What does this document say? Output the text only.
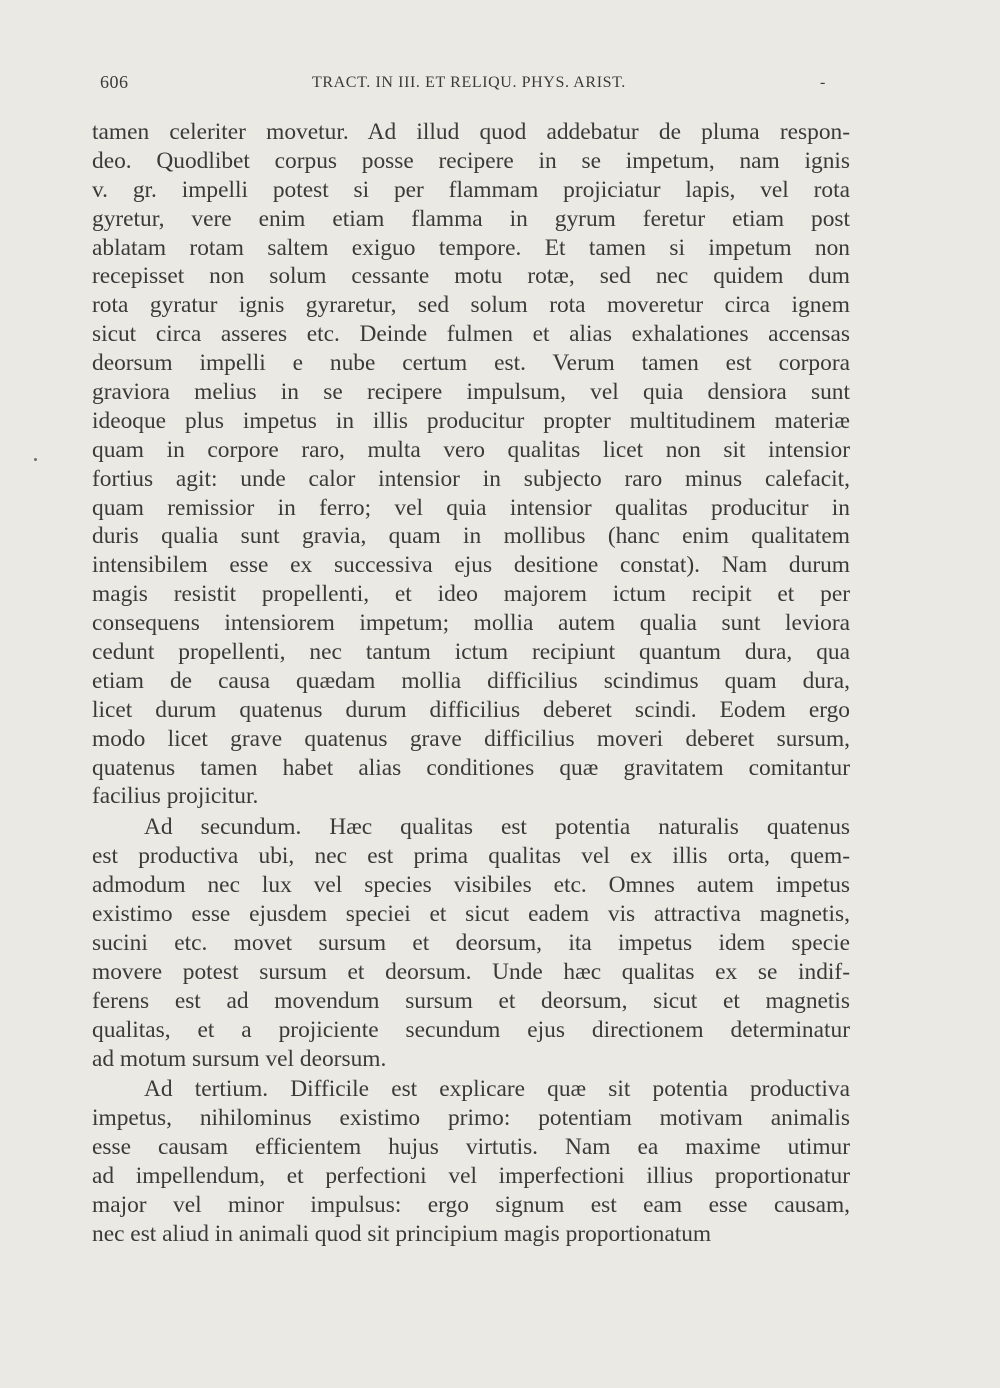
606	TRACT. IN III. ET RELIQU. PHYS. ARIST.	-
tamen celeriter movetur. Ad illud quod addebatur de pluma respon-
deo. Quodlibet corpus posse recipere in se impetum, nam ignis
v. gr. impelli potest si per flammam projiciatur lapis, vel rota
gyretur, vere enim etiam flamma in gyrum feretur etiam post
ablatam rotam saltem exiguo tempore. Et tamen si impetum non
recepisset non solum cessante motu rotæ, sed nec quidem dum
rota gyratur ignis gyraretur, sed solum rota moveretur circa ignem
sicut circa asseres etc. Deinde fulmen et alias exhalationes accensas
deorsum impelli e nube certum est. Verum tamen est corpora
graviora melius in se recipere impulsum, vel quia densiora sunt
ideoque plus impetus in illis producitur propter multitudinem materiæ
quam in corpore raro, multa vero qualitas licet non sit intensior
fortius agit: unde calor intensior in subjecto raro minus calefacit,
quam remissior in ferro; vel quia intensior qualitas producitur in
duris qualia sunt gravia, quam in mollibus (hanc enim qualitatem
intensibilem esse ex successiva ejus desitione constat). Nam durum
magis resistit propellenti, et ideo majorem ictum recipit et per
consequens intensiorem impetum; mollia autem qualia sunt leviora
cedunt propellenti, nec tantum ictum recipiunt quantum dura, qua
etiam de causa quædam mollia difficilius scindimus quam dura,
licet durum quatenus durum difficilius deberet scindi. Eodem ergo
modo licet grave quatenus grave difficilius moveri deberet sursum,
quatenus tamen habet alias conditiones quæ gravitatem comitantur
facilius projicitur.
Ad secundum. Hæc qualitas est potentia naturalis quatenus
est productiva ubi, nec est prima qualitas vel ex illis orta, quem-
admodum nec lux vel species visibiles etc. Omnes autem impetus
existimo esse ejusdem speciei et sicut eadem vis attractiva magnetis,
sucini etc. movet sursum et deorsum, ita impetus idem specie
movere potest sursum et deorsum. Unde hæc qualitas ex se indif-
ferens est ad movendum sursum et deorsum, sicut et magnetis
qualitas, et a projiciente secundum ejus directionem determinatur
ad motum sursum vel deorsum.
Ad tertium. Difficile est explicare quæ sit potentia productiva
impetus, nihilominus existimo primo: potentiam motivam animalis
esse causam efficientem hujus virtutis. Nam ea maxime utimur
ad impellendum, et perfectioni vel imperfectioni illius proportionatur
major vel minor impulsus: ergo signum est eam esse causam,
nec est aliud in animali quod sit principium magis proportionatum
